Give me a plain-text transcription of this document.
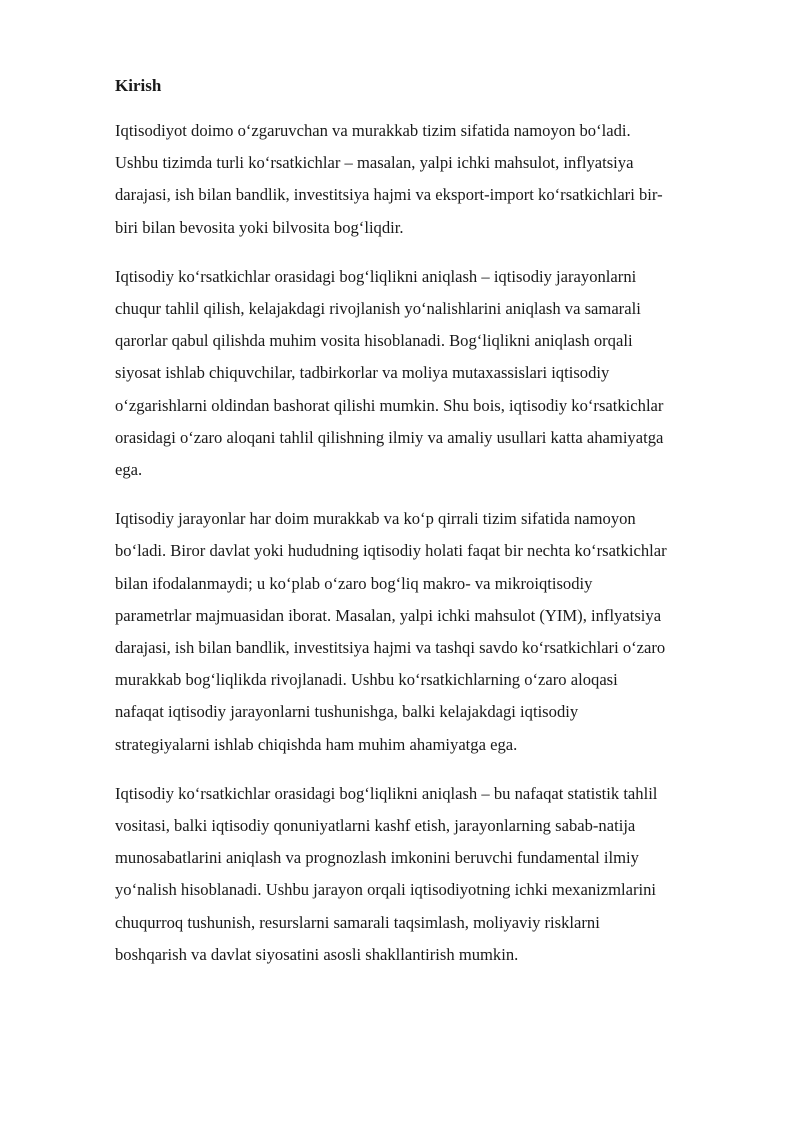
Kirish
Iqtisodiyot doimo o‘zgaruvchan va murakkab tizim sifatida namoyon bo‘ladi.
Ushbu tizimda turli ko‘rsatkichlar – masalan, yalpi ichki mahsulot, inflyatsiya
darajasi, ish bilan bandlik, investitsiya hajmi va eksport-import ko‘rsatkichlari bir-
biri bilan bevosita yoki bilvosita bog‘liqdir.
Iqtisodiy ko‘rsatkichlar orasidagi bog‘liqlikni aniqlash – iqtisodiy jarayonlarni
chuqur tahlil qilish, kelajakdagi rivojlanish yo‘nalishlarini aniqlash va samarali
qarorlar qabul qilishda muhim vosita hisoblanadi. Bog‘liqlikni aniqlash orqali
siyosat ishlab chiquvchilar, tadbirkorlar va moliya mutaxassislari iqtisodiy
o‘zgarishlarni oldindan bashorat qilishi mumkin. Shu bois, iqtisodiy ko‘rsatkichlar
orasidagi o‘zaro aloqani tahlil qilishning ilmiy va amaliy usullari katta ahamiyatga
ega.
Iqtisodiy jarayonlar har doim murakkab va ko‘p qirrali tizim sifatida namoyon
bo‘ladi. Biror davlat yoki hududning iqtisodiy holati faqat bir nechta ko‘rsatkichlar
bilan ifodalanmaydi; u ko‘plab o‘zaro bog‘liq makro- va mikroiqtisodiy
parametrlar majmuasidan iborat. Masalan, yalpi ichki mahsulot (YIM), inflyatsiya
darajasi, ish bilan bandlik, investitsiya hajmi va tashqi savdo ko‘rsatkichlari o‘zaro
murakkab bog‘liqlikda rivojlanadi. Ushbu ko‘rsatkichlarning o‘zaro aloqasi
nafaqat iqtisodiy jarayonlarni tushunishga, balki kelajakdagi iqtisodiy
strategiyalarni ishlab chiqishda ham muhim ahamiyatga ega.
Iqtisodiy ko‘rsatkichlar orasidagi bog‘liqlikni aniqlash – bu nafaqat statistik tahlil
vositasi, balki iqtisodiy qonuniyatlarni kashf etish, jarayonlarning sabab-natija
munosabatlarini aniqlash va prognozlash imkonini beruvchi fundamental ilmiy
yo‘nalish hisoblanadi. Ushbu jarayon orqali iqtisodiyotning ichki mexanizmlarini
chuqurroq tushunish, resurslarni samarali taqsimlash, moliyaviy risklarni
boshqarish va davlat siyosatini asosli shakllantirish mumkin.
